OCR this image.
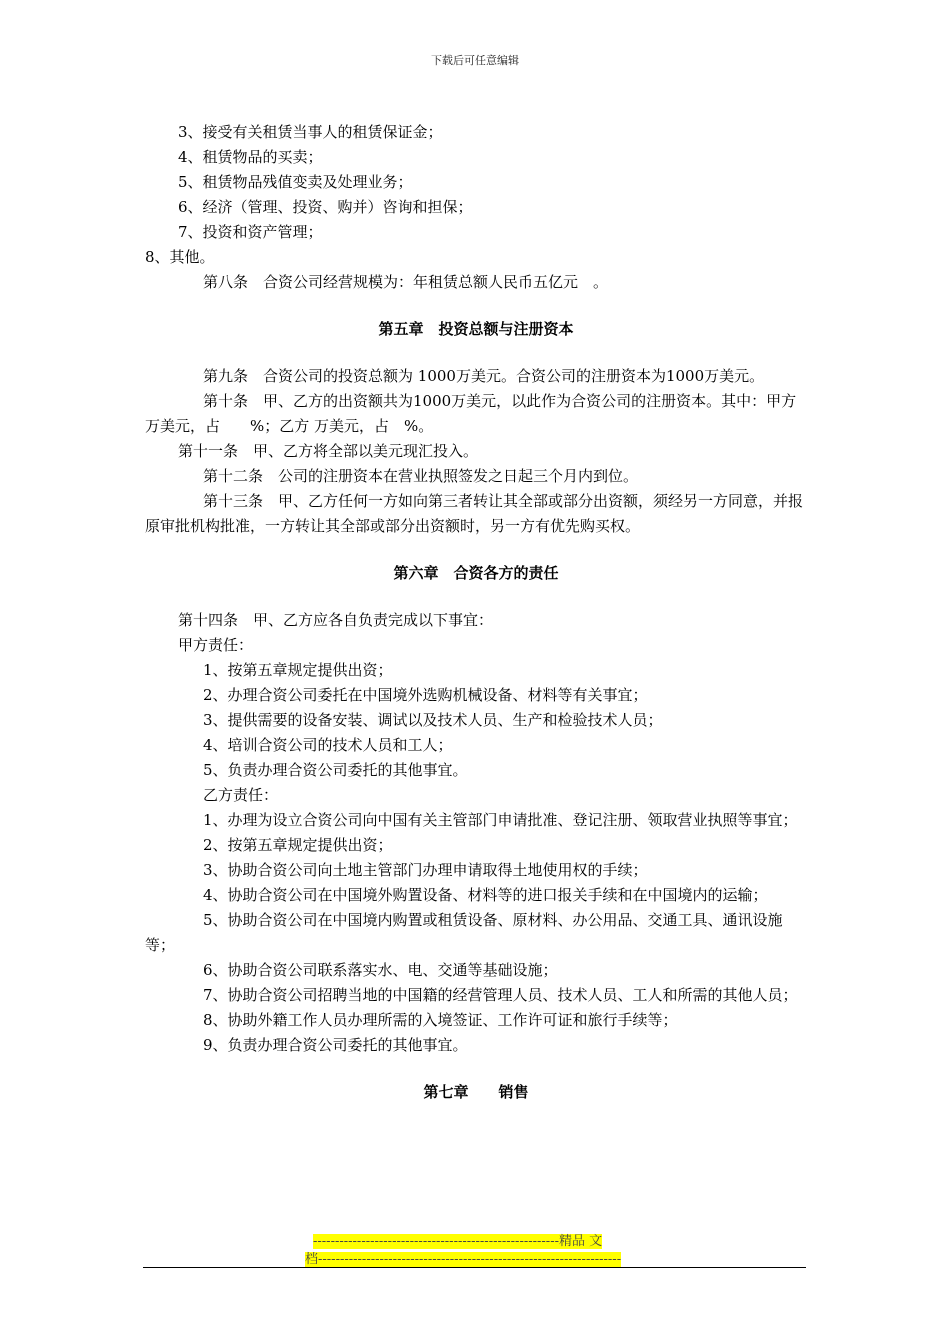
下载后可任意编辑

3、接受有关租赁当事人的租赁保证金；

4、租赁物品的买卖；

5、租赁物品残值变卖及处理业务；

6、经济（管理、投资、购并）咨询和担保；

7、投资和资产管理；

8、其他。

第八条　合资公司经营规模为：年租赁总额人民币五亿元　。

第五章　投资总额与注册资本

第九条　合资公司的投资总额为 1000万美元。合资公司的注册资本为1000万美元。

第十条　甲、乙方的出资额共为1000万美元，以此作为合资公司的注册资本。其中：甲方　　万美元，占　　%；乙方 万美元，占　%。

第十一条　甲、乙方将全部以美元现汇投入。

第十二条　公司的注册资本在营业执照签发之日起三个月内到位。

第十三条　甲、乙方任何一方如向第三者转让其全部或部分出资额，须经另一方同意，并报原审批机构批准，一方转让其全部或部分出资额时，另一方有优先购买权。

第六章　合资各方的责任

第十四条　甲、乙方应各自负责完成以下事宜：

甲方责任：

1、按第五章规定提供出资；

2、办理合资公司委托在中国境外选购机械设备、材料等有关事宜；

3、提供需要的设备安装、调试以及技术人员、生产和检验技术人员；

4、培训合资公司的技术人员和工人；

5、负责办理合资公司委托的其他事宜。

乙方责任：

1、办理为设立合资公司向中国有关主管部门申请批准、登记注册、领取营业执照等事宜；

2、按第五章规定提供出资；

3、协助合资公司向土地主管部门办理申请取得土地使用权的手续；

4、协助合资公司在中国境外购置设备、材料等的进口报关手续和在中国境内的运输；

5、协助合资公司在中国境内购置或租赁设备、原材料、办公用品、交通工具、通讯设施等；

6、协助合资公司联系落实水、电、交通等基础设施；

7、协助合资公司招聘当地的中国籍的经营管理人员、技术人员、工人和所需的其他人员；

8、协助外籍工作人员办理所需的入境签证、工作许可证和旅行手续等；

9、负责办理合资公司委托的其他事宜。

第七章　　销售

--------------------------------------------------------精品 文
档---------------------------------------------------------------------
